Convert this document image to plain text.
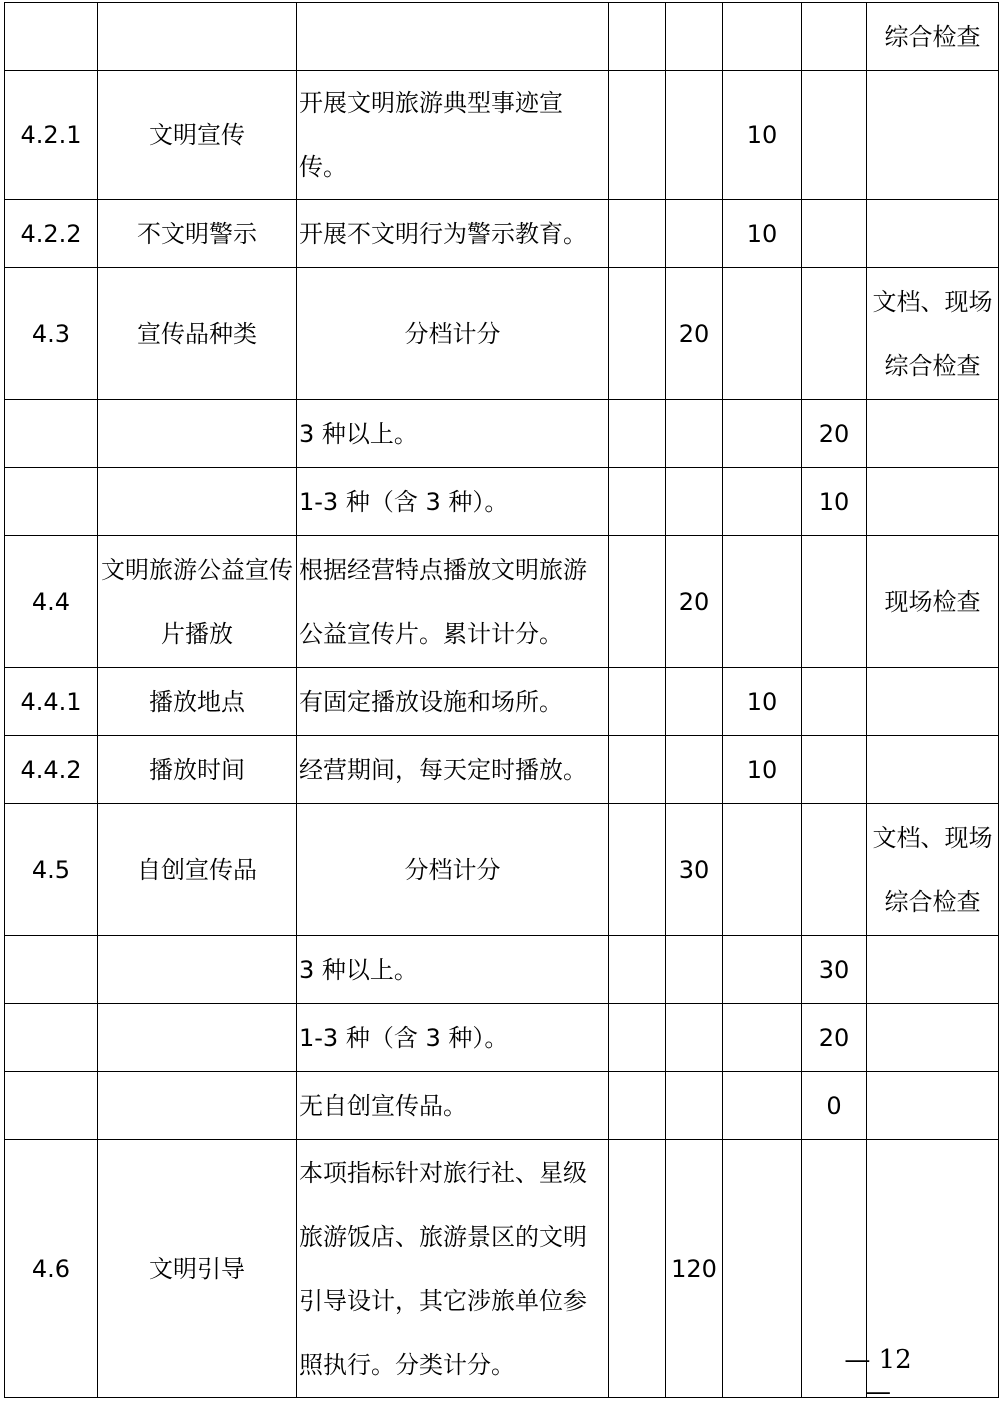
							综合检查
4.2.1	文明宣传	开展文明旅游典型事迹宣传。			10		
4.2.2	不文明警示	开展不文明行为警示教育。			10		
4.3	宣传品种类	分档计分		20			文档、现场综合检查
		3 种以上。				20	
		1-3 种（含 3 种）。				10	
4.4	文明旅游公益宣传片播放	根据经营特点播放文明旅游公益宣传片。累计计分。		20			现场检查
4.4.1	播放地点	有固定播放设施和场所。			10		
4.4.2	播放时间	经营期间，每天定时播放。			10		
4.5	自创宣传品	分档计分		30			文档、现场综合检查
		3 种以上。				30	
		1-3 种（含 3 种）。				20	
		无自创宣传品。				0	
4.6	文明引导	本项指标针对旅行社、星级旅游饭店、旅游景区的文明引导设计，其它涉旅单位参照执行。分类计分。		120			
— 12 —
